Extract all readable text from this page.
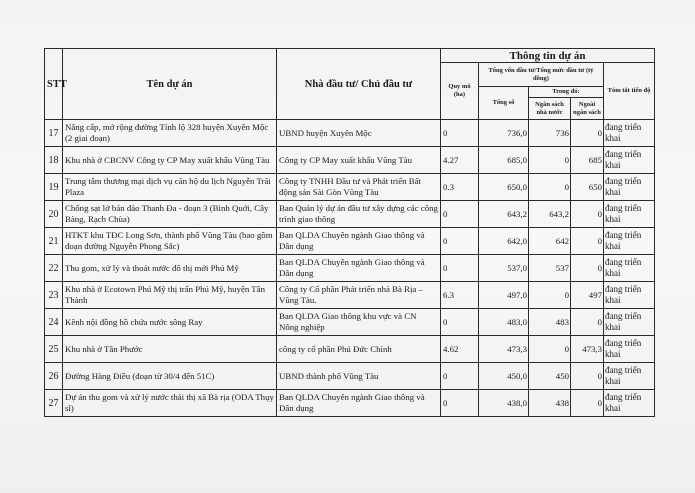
STT	Tên dự án	Nhà đầu tư/ Chủ đầu tư	Thông tin dự án				
			Quy mô (ha)	Tổng vốn đầu tư/Tổng mức đầu tư (tỷ đồng)			Tóm tắt tiến độ
				Tổng số	Trong đó:		
					Ngân sách nhà nước	Ngoài ngân sách	
17	Nâng cấp, mở rộng đường Tỉnh lộ 328 huyện Xuyên Mộc (2 giai đoạn)	UBND huyện Xuyên Mộc	0	736,0	736	0	đang triển khai
18	Khu nhà ở CBCNV Công ty CP May xuất khẩu Vũng Tàu	Công ty CP May xuất khẩu Vũng Tàu	4.27	685,0	0	685	đang triển khai
19	Trung tâm thương mại dịch vụ căn hộ du lịch Nguyễn Trãi Plaza	Công ty TNHH Đầu tư và Phát triển Bất động sản Sài Gòn Vũng Tàu	0.3	650,0	0	650	đang triển khai
20	Chống sạt lở bán đảo Thanh Đa - đoạn 3 (Bình Quới, Cây Bàng, Rạch Chùa)	Ban Quản lý dự án đầu tư xây dựng các công trình giao thông	0	643,2	643,2	0	đang triển khai
21	HTKT khu TĐC Long Sơn, thành phố Vũng Tàu (bao gồm đoạn đường Nguyễn Phong Sắc)	Ban QLDA Chuyên ngành Giao thông và Dân dụng	0	642,0	642	0	đang triển khai
22	Thu gom, xử lý và thoát nước đô thị mới Phú Mỹ	Ban QLDA Chuyên ngành Giao thông và Dân dụng	0	537,0	537	0	đang triển khai
23	Khu nhà ở Ecotown Phú Mỹ thị trấn Phú Mỹ, huyện Tân Thành	Công ty Cổ phần Phát triển nhà Bà Rịa – Vũng Tàu.	6.3	497,0	0	497	đang triển khai
24	Kênh nội đồng hồ chứa nước sông Ray	Ban QLDA Giao thông khu vực và CN Nông nghiệp	0	483,0	483	0	đang triển khai
25	Khu nhà ở Tân Phước	công ty cổ phần Phú Đức Chính	4.62	473,3	0	473,3	đang triển khai
26	Đường Hàng Điều (đoạn từ 30/4 đến 51C)	UBND thành phố Vũng Tàu	0	450,0	450	0	đang triển khai
27	Dự án thu gom và xử lý nước thải thị xã Bà rịa (ODA Thụy sĩ)	Ban QLDA Chuyên ngành Giao thông và Dân dụng	0	438,0	438	0	đang triển khai
